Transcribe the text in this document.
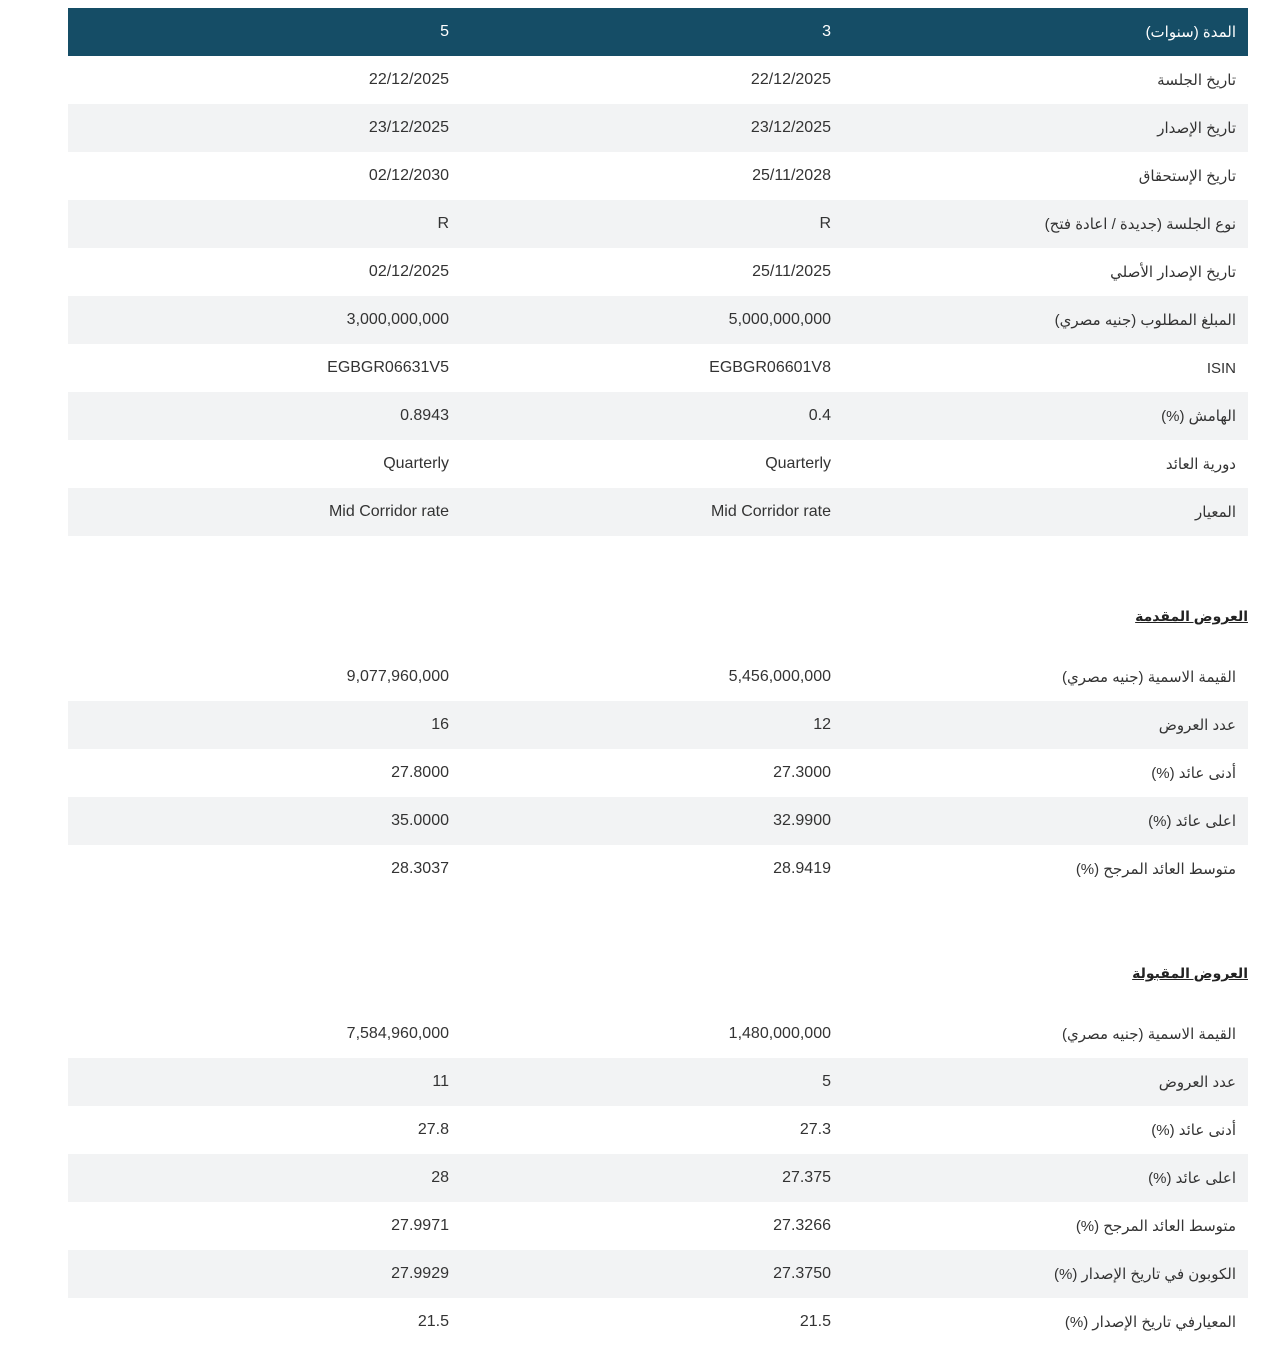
المدة (سنوات)	3	5

تاريخ الجلسة	22/12/2025	22/12/2025

تاريخ الإصدار	23/12/2025	23/12/2025

تاريخ الإستحقاق	25/11/2028	02/12/2030

نوع الجلسة (جديدة / اعادة فتح)	R	R

تاريخ الإصدار الأصلي	25/11/2025	02/12/2025

المبلغ المطلوب (جنيه مصري)	5,000,000,000	3,000,000,000

ISIN	EGBGR06601V8	EGBGR06631V5

الهامش (%)	0.4	0.8943

دورية العائد	Quarterly	Quarterly

المعيار	Mid Corridor rate	Mid Corridor rate
العروض المقدمة
القيمة الاسمية (جنيه مصري)	5,456,000,000	9,077,960,000

عدد العروض	12	16

أدنى عائد (%)	27.3000	27.8000

اعلى عائد (%)	32.9900	35.0000

متوسط العائد المرجح (%)	28.9419	28.3037
العروض المقبولة
القيمة الاسمية (جنيه مصري)	1,480,000,000	7,584,960,000

عدد العروض	5	11

أدنى عائد (%)	27.3	27.8

اعلى عائد (%)	27.375	28

متوسط العائد المرجح (%)	27.3266	27.9971

الكوبون في تاريخ الإصدار (%)	27.3750	27.9929

المعيارفي تاريخ الإصدار (%)	21.5	21.5
